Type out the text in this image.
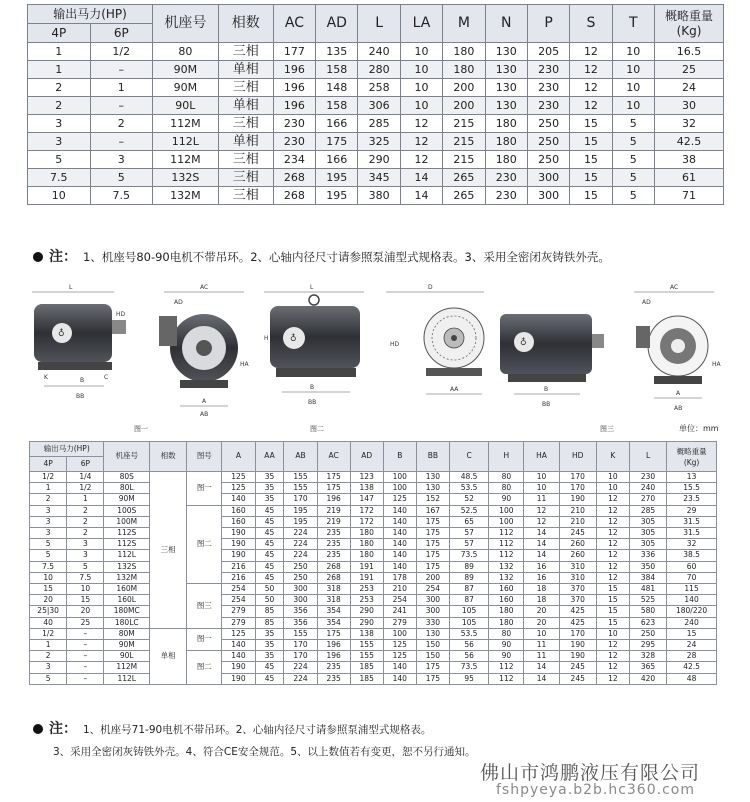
输出马力(HP)		机座号	相数	AC	AD	L	LA	M	N	P	S	T	概略重量
(Kg)

4P	6P												
1	1/2	80	三相	177	135	240	10	180	130	205	12	10	16.5
1	–	90M	单相	196	158	280	10	180	130	230	12	10	25
2	1	90M	三相	196	148	258	10	200	130	230	12	10	24
2	–	90L	单相	196	158	306	10	200	130	230	12	10	30
3	2	112M	三相	230	166	285	12	215	180	250	15	5	32
3	–	112L	单相	230	175	325	12	215	180	250	15	5	42.5
5	3	112M	三相	234	166	290	12	215	180	250	15	5	38
7.5	5	132S	三相	268	195	345	14	265	230	300	15	5	61
10	7.5	132M	三相	268	195	380	14	265	230	300	15	5	71
注： 1、机座号80-90电机不带吊环。2、心轴内径尺寸请参照泵浦型式规格表。3、采用全密闭灰铸铁外壳。
L
♁
B
BB
K	C
HD
AC
AD
A
AB
HA
图一
L
♁
B
BB
H
图二
D
AA
HD	♁
B
BB
图三
AC
AD
A
AB
HA
单位：mm
输出马力(HP)		机座号	相数	图号	A	AA	AB	AC	AD	B	BB	C	H	HA	HD	K	L	概略重量
(Kg)

4P	6P																	
1/2	1/4	80S	三相	图一	125	35	155	175	123	100	130	48.5	80	10	170	10	230	13
1	1/2	80L			125	35	155	175	138	100	130	53.5	80	10	170	10	240	15.5
2	1	90M			140	35	170	196	147	125	152	52	90	11	190	12	270	23.5
3	2	100S		图二	160	45	195	219	172	140	167	52.5	100	12	210	12	285	29
3	2	100M			160	45	195	219	172	140	175	65	100	12	210	12	305	31.5
3	2	112S			190	45	224	235	180	140	175	57	112	14	245	12	305	31.5
5	3	112S			190	45	224	235	180	140	175	57	112	14	260	12	305	32
5	3	112L			190	45	224	235	180	140	175	73.5	112	14	260	12	336	38.5
7.5	5	132S			216	45	250	268	191	140	175	89	132	16	310	12	350	60
10	7.5	132M			216	45	250	268	191	178	200	89	132	16	310	12	384	70
15	10	160M		图三	254	50	300	318	253	210	254	87	160	18	370	15	481	115
20	15	160L			254	50	300	318	253	254	300	87	160	18	370	15	525	140
25|30	20	180MC			279	85	356	354	290	241	300	105	180	20	425	15	580	180/220
40	25	180LC			279	85	356	354	290	279	330	105	180	20	425	15	623	240
1/2	–	80M	单相	图一	125	35	155	175	138	100	130	53.5	80	10	170	10	250	15
1	–	90M			140	35	170	196	155	125	150	56	90	11	190	12	295	24
2	–	90L		图二	140	35	170	196	155	125	150	56	90	11	190	12	328	28
3	–	112M			190	45	224	235	185	140	175	73.5	112	14	245	12	365	42.5
5	–	112L			190	45	224	235	185	140	175	95	112	14	245	12	420	48
注： 1、机座号71-90电机不带吊环。2、心轴内径尺寸请参照泵浦型式规格表。
3、采用全密闭灰铸铁外壳。4、符合CE安全规范。5、以上数值若有变更，恕不另行通知。
佛山市鸿鹏液压有限公司
fshpyeya.b2b.hc360.com
